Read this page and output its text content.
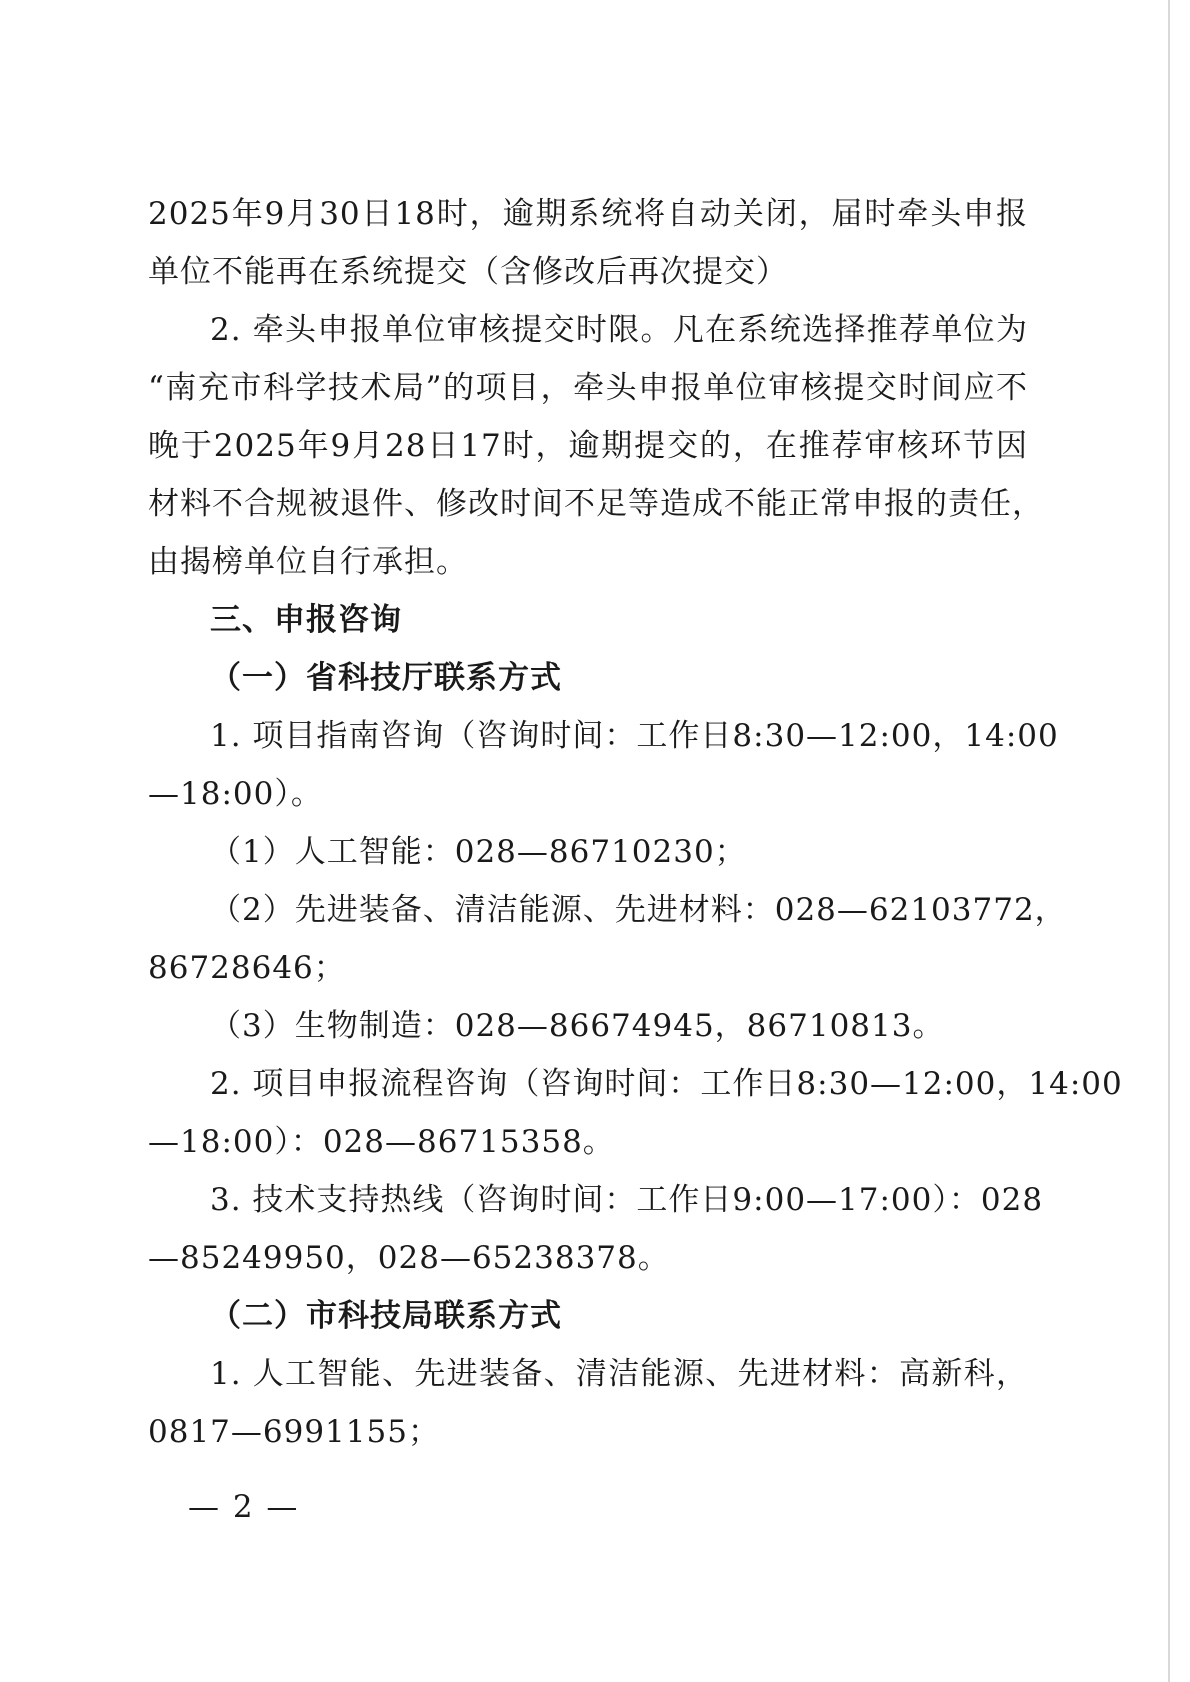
2025年9月30日18时，逾期系统将自动关闭，届时牵头申报
单位不能再在系统提交（含修改后再次提交）
2. 牵头申报单位审核提交时限。凡在系统选择推荐单位为
“南充市科学技术局”的项目，牵头申报单位审核提交时间应不
晚于2025年9月28日17时，逾期提交的，在推荐审核环节因
材料不合规被退件、修改时间不足等造成不能正常申报的责任，
由揭榜单位自行承担。
三、申报咨询
（一）省科技厅联系方式
1. 项目指南咨询（咨询时间：工作日8:30—12:00，14:00
—18:00）。
（1）人工智能：028—86710230；
（2）先进装备、清洁能源、先进材料：028—62103772，
86728646；
（3）生物制造：028—86674945，86710813。
2. 项目申报流程咨询（咨询时间：工作日8:30—12:00，14:00
—18:00）：028—86715358。
3. 技术支持热线（咨询时间：工作日9:00—17:00）：028
—85249950，028—65238378。
（二）市科技局联系方式
1. 人工智能、先进装备、清洁能源、先进材料：高新科，
0817—6991155；
— 2 —
